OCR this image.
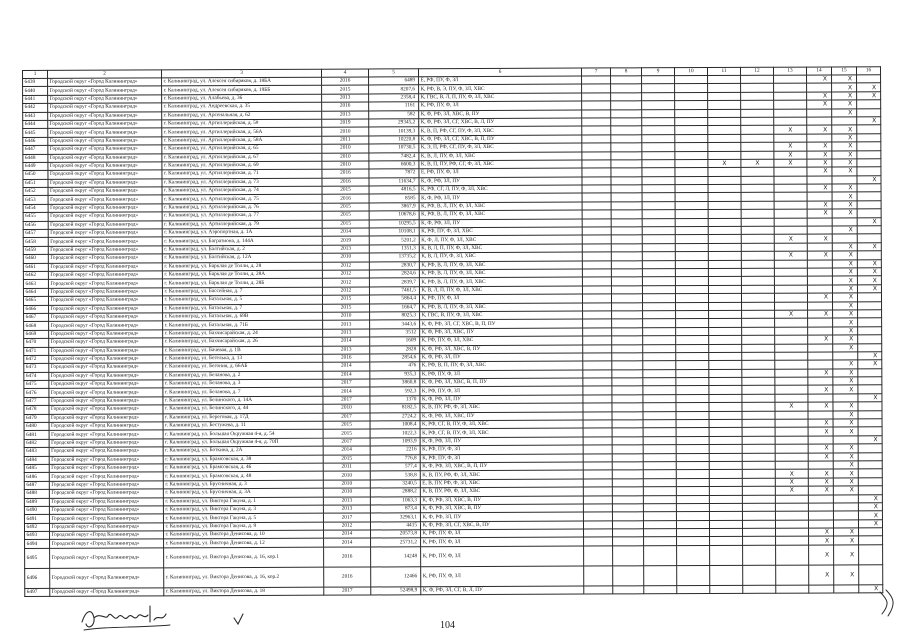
1	2	3	4	5	6	7	8	9	10	11	12	13	14	15	16
6439	Городской округ «Город Калининград»	г. Калининград, ул. Алексея сибиряков, д. 18БА	2016	6489	Е, РФ, ПУ, Ф, ЗЛ								X	X	
6440	Городской округ «Город Калининград»	г. Калининград, ул. Алексея сибиряков, д. 19ББ	2015	8207,6	К, РФ, В, Э, ПУ, Ф, ЗЛ, ХВС									X	X
6441	Городской округ «Город Калининград»	г. Калининград, ул. Алабьева, д. 36	2013	2358,4	К, ГВС, В, Л, П, ПУ, Ф, ЗЛ, ХВС								X	X	X
6442	Городской округ «Город Калининград»	г. Калининград, ул. Андреевская, д. 35	2016	1161	К, РФ, ПУ, Ф, ЗЛ								X	X	
6443	Городской округ «Город Калининград»	г. Калининград, ул. Арсенальная, д. 62	2013	582	К, Ф, РФ, ЗЛ, ХВС, В, ПУ									X	
6444	Городской округ «Город Калининград»	г. Калининград, ул. Артиллерийская, д. 5#	2019	29345,2	К, Ф, РФ, ЗЛ, СГ, ХВС, В, Л, ПУ										X
6445	Городской округ «Город Калининград»	г. Калининград, ул. Артиллерийская, д. 56А	2010	10139,3	К, В, П, РФ, СГ, ПУ, Ф, ЗЛ, ХВС							X	X	X	
6446	Городской округ «Город Калининград»	г. Калининград, ул. Артиллерийская, д. 58А	2011	10220,8	К, Ф, РФ, ЗЛ, СГ, ХВС, В, П, ПУ									X	
6447	Городской округ «Город Калининград»	г. Калининград, ул. Артиллерийская, д. 65	2010	10730,5	К, Э, П, РФ, СГ, ПУ, Ф, ЗЛ, ХВС							X	X	X	
6448	Городской округ «Город Калининград»	г. Калининград, ул. Артиллерийская, д. 67	2010	7482,4	К, В, Л, ПУ, Ф, ЗЛ, ХВС							X	X	X	
6449	Городской округ «Город Калининград»	г. Калининград, ул. Артиллерийская, д. 69	2010	6600,3	К, В, П, ПУ, РФ, СГ, Ф, ЗЛ, ХВС					X	X	X	X	X	
6450	Городской округ «Город Калининград»	г. Калининград, ул. Артиллерийская, д. 71	2016	7872	Е, РФ, ПУ, Ф, ЗЛ								X	X	
6451	Городской округ «Город Калининград»	г. Калининград, ул. Артиллерийская, д. 73	2016	11634,7	К, Ф, РФ, ЗЛ, ПУ										X
6452	Городской округ «Город Калининград»	г. Калининград, ул. Артиллерийская, д. 74	2015	4816,5	К, РФ, СГ, Л, ПУ, Ф, ЗЛ, ХВС								X	X	
6453	Городской округ «Город Калининград»	г. Калининград, ул. Артиллерийская, д. 75	2016	8585	К, Ф, РФ, ЗЛ, ПУ									X	
6454	Городской округ «Город Калининград»	г. Калининград, ул. Артиллерийская, д. 76	2015	3867,9	К, РФ, В, Л, ПУ, Ф, ЗЛ, ХВС								X	X	
6455	Городской округ «Город Калининград»	г. Калининград, ул. Артиллерийская, д. 77	2015	10678,6	К, РФ, В, Л, ПУ, Ф, ЗЛ, ХВС								X	X	
6456	Городской округ «Город Калининград»	г. Калининград, ул. Артиллерийская, д. 79	2015	10295,5	К, Ф, РФ, ЗЛ, ПУ										X
6457	Городской округ «Город Калининград»	г. Калининград, ул. Аэропортная, д. 1А	2014	10108,1	К, РФ, ПУ, Ф, ЗЛ, ХВС									X	
6458	Городской округ «Город Калининград»	г. Калининград, ул. Багратиона, д. 144А	2019	5201,2	К, Ф, Л, ПУ, Ф, ЗЛ, ХВС							X	X		
6459	Городской округ «Город Калининград»	г. Калининград, ул. Балтийская, д. 2	2013	1351,3	К, В, Л, П, ПУ, Ф, ЗЛ, ХВС									X	X
6460	Городской округ «Город Калининград»	г. Калининград, ул. Балтийская, д. 12А	2010	13735,2	К, В, Л, ПУ, Ф, ЗЛ, ХВС							X	X	X	
6461	Городской округ «Город Калининград»	г. Калининград, ул. Барклая де Толли, д. 28	2012	2830,7	К, РФ, В, Л, ПУ, Ф, ЗЛ, ХВС									X	X
6462	Городской округ «Город Калининград»	г. Калининград, ул. Барклая де Толли, д. 28А	2012	2824,6	К, РФ, В, Л, ПУ, Ф, ЗЛ, ХВС									X	X
6463	Городской округ «Город Калининград»	г. Калининград, ул. Барклая де Толли, д. 28Б	2012	2839,7	К, РФ, В, Л, ПУ, Ф, ЗЛ, ХВС									X	X
6464	Городской округ «Город Калининград»	г. Калининград, ул. Бассейная, д. 7	2012	7461,5	К, В, Л, П, ПУ, Ф, ЗЛ, ХВС									X	X
6465	Городской округ «Город Калининград»	г. Калининград, ул. Батальная, д. 5	2015	5864,4	К, РФ, ПУ, Ф, ЗЛ								X	X	
6466	Городской округ «Город Калининград»	г. Калининград, ул. Батальная, д. 7	2015	1664,7	К, РФ, В, Л, ПУ, Ф, ЗЛ, ХВС									X	
6467	Городской округ «Город Калининград»	г. Калининград, ул. Батальная, д. 69В	2010	8025,3	К, ГВС, В, ПУ, Ф, ЗЛ, ХВС							X	X	X	
6468	Городской округ «Город Калининград»	г. Калининград, ул. Батальная, д. 71Б	2013	3443,6	К, Ф, РФ, ЗЛ, СГ, ХВС, В, П, ПУ									X	
6469	Городской округ «Город Калининград»	г. Калининград, ул. Бахчисарайская, д. 24	2013	3512	К, Ф, РФ, ЗЛ, ХВС, ПУ									X	
6470	Городской округ «Город Калининград»	г. Калининград, ул. Бахчисарайская, д. 26	2014	1609	К, РФ, ПУ, Ф, ЗЛ, ХВС								X	X	
6471	Городской округ «Город Калининград»	г. Калининград, ул. Бачевая, д. 1В	2013	2828	К, Ф, РФ, ЗЛ, ХВС, В, ПУ									X	
6472	Городской округ «Город Калининград»	г. Калининград, ул. Бегелька, д. 13	2016	2854,6	К, Ф, РФ, ЗЛ, ПУ										X
6473	Городской округ «Город Калининград»	г. Калининград, ул. Бегония, д. 66АБ	2014	476	К, РФ, В, П, ПУ, Ф, ЗЛ, ХВС									X	X
6474	Городской округ «Город Калининград»	г. Калининград, ул. Беланова, д. 2	2014	935,3	К, РФ, ПУ, Ф, ЗЛ								X	X	
6475	Городской округ «Город Калининград»	г. Калининград, ул. Беланова, д. 3	2017	3860,8	К, Ф, РФ, ЗЛ, ХВС, В, П, ПУ									X	
6476	Городской округ «Город Калининград»	г. Калининград, ул. Беланова, д. 7	2014	592,3	К, РФ, ПУ, Ф, ЗЛ								X	X	
6477	Городской округ «Город Калининград»	г. Калининград, ул. Белинского, д. 14А	2017	1370	К, Ф, РФ, ЗЛ, ПУ										X
6478	Городской округ «Город Калининград»	г. Калининград, ул. Белинского, д. 44	2010	8182,5	К, В, ПУ, РФ, Ф, ЗЛ, ХВС							X	X	X	
6479	Городской округ «Город Калининград»	г. Калининград, ул. Береговая, д. 17Д	2017	2724,2	К, Ф, РФ, ЗЛ, ХВС, ПУ									X	
6480	Городской округ «Город Калининград»	г. Калининград, ул. Бестужева, д. 11	2015	1008,4	К, РФ, СГ, В, ПУ, Ф, ЗЛ, ХВС								X	X	
6481	Городской округ «Город Калининград»	г. Калининград, ул. Большая Окружная 4-я, д. 54	2015	1022,3	К, РФ, СГ, В, ПУ, Ф, ЗЛ, ХВС								X	X	
6482	Городской округ «Город Калининград»	г. Калининград, ул. Большая Окружная 4-я, д. 70П	2017	1093,9	К, Ф, РФ, ЗЛ, ПУ										X
6483	Городской округ «Город Калининград»	г. Калининград, ул. Боткина, д. 2А	2014	2216	К, РФ, ПУ, Ф, ЗЛ								X	X	
6484	Городской округ «Город Калининград»	г. Калининград, ул. Брамсовская, д. 38	2015	776,8	К, РФ, ПУ, Ф, ЗЛ								X	X	
6485	Городской округ «Город Калининград»	г. Калининград, ул. Брамсовская, д. 46	2011	577,4	К, Ф, РФ, ЗЛ, ХВС, В, П, ПУ									X	
6486	Городской округ «Город Калининград»	г. Калининград, ул. Брамсовская, д. 48	2010	538,8	К, В, ПУ, РФ, Ф, ЗЛ, ХВС							X	X	X	
6487	Городской округ «Город Калининград»	г. Калининград, ул. Брусничная, д. 3	2010	3240,5	Е, В, ПУ, РФ, Ф, ЗЛ, ХВС							X	X	X	
6488	Городской округ «Город Калининград»	г. Калининград, ул. Брусничная, д. 3А	2010	2888,2	К, В, ПУ, РФ, Ф, ЗЛ, ХВС							X	X	X	
6489	Городской округ «Город Калининград»	г. Калининград, ул. Виктора Гакуна, д. 1	2013	1063,3	К, Ф, РФ, ЗЛ, ХВС, В, ПУ										X
6490	Городской округ «Город Калининград»	г. Калининград, ул. Виктора Гакуна, д. 3	2013	873,4	К, Ф, РФ, ЗЛ, ХВС, В, ПУ										X
6491	Городской округ «Город Калининград»	г. Калининград, ул. Виктора Гакуна, д. 5	2017	32963,1	К, Ф, РФ, ЗЛ, ПУ										X
6492	Городской округ «Город Калининград»	г. Калининград, ул. Виктора Гакуна, д. 9	2012	4415	К, Ф, РФ, ЗЛ, СГ, ХВС, В, ПУ										X
6493	Городской округ «Город Калининград»	г. Калининград, ул. Виктора Денисова, д. 10	2014	20573,8	К, РФ, ПУ, Ф, ЗЛ								X	X	
6494	Городской округ «Город Калининград»	г. Калининград, ул. Виктора Денисова, д. 12	2014	25731,2	К, РФ, ПУ, Ф, ЗЛ								X	X	
6495	Городской округ «Город Калининград»	г. Калининград, ул. Виктора Денисова, д. 16, кор.1	2016	14248	К, РФ, ПУ, Ф, ЗЛ								X	X	
6496	Городской округ «Город Калининград»	г. Калининград, ул. Виктора Денисова, д. 16, кор.2	2016	12466	К, РФ, ПУ, Ф, ЗЛ								X	X	
6497	Городской округ «Город Калининград»	г. Калининград, ул. Виктора Денисова, д. 18	2017	52498,9	К, Ф, РФ, ЗЛ, СГ, В, Л, ПУ										X
104
